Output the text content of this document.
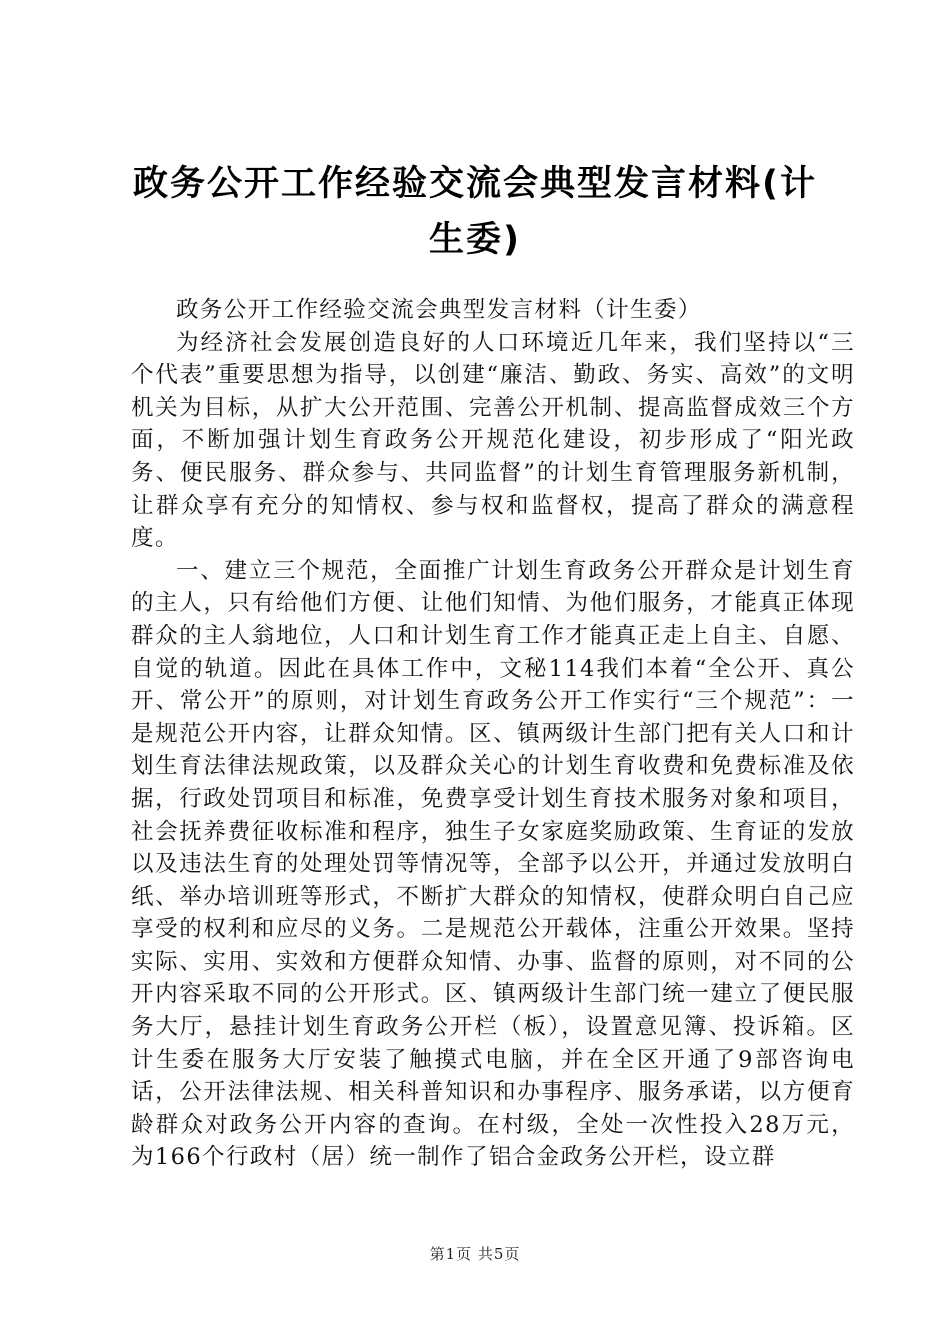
政务公开工作经验交流会典型发言材料(计生委)

政务公开工作经验交流会典型发言材料（计生委）

为经济社会发展创造良好的人口环境近几年来，我们坚持以“三个代表”重要思想为指导，以创建“廉洁、勤政、务实、高效”的文明机关为目标，从扩大公开范围、完善公开机制、提高监督成效三个方面，不断加强计划生育政务公开规范化建设，初步形成了“阳光政务、便民服务、群众参与、共同监督”的计划生育管理服务新机制，让群众享有充分的知情权、参与权和监督权，提高了群众的满意程度。

一、建立三个规范，全面推广计划生育政务公开群众是计划生育的主人，只有给他们方便、让他们知情、为他们服务，才能真正体现群众的主人翁地位，人口和计划生育工作才能真正走上自主、自愿、自觉的轨道。因此在具体工作中，文秘114我们本着“全公开、真公开、常公开”的原则，对计划生育政务公开工作实行“三个规范”：一是规范公开内容，让群众知情。区、镇两级计生部门把有关人口和计划生育法律法规政策，以及群众关心的计划生育收费和免费标准及依据，行政处罚项目和标准，免费享受计划生育技术服务对象和项目，社会抚养费征收标准和程序，独生子女家庭奖励政策、生育证的发放以及违法生育的处理处罚等情况等，全部予以公开，并通过发放明白纸、举办培训班等形式，不断扩大群众的知情权，使群众明白自己应享受的权利和应尽的义务。二是规范公开载体，注重公开效果。坚持实际、实用、实效和方便群众知情、办事、监督的原则，对不同的公开内容采取不同的公开形式。区、镇两级计生部门统一建立了便民服务大厅，悬挂计划生育政务公开栏（板），设置意见簿、投诉箱。区计生委在服务大厅安装了触摸式电脑，并在全区开通了9部咨询电话，公开法律法规、相关科普知识和办事程序、服务承诺，以方便育龄群众对政务公开内容的查询。在村级，全处一次性投入28万元，为166个行政村（居）统一制作了铝合金政务公开栏，设立群

第1页 共5页
